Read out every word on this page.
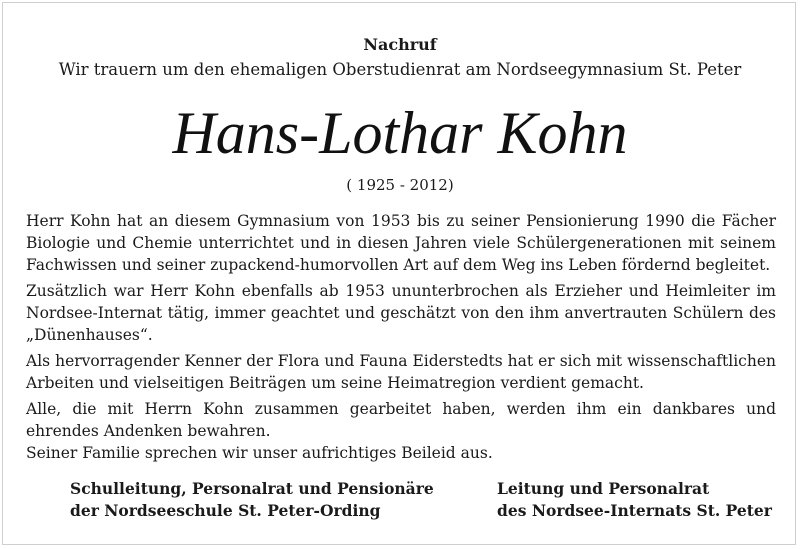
Nachruf
Wir trauern um den ehemaligen Oberstudienrat am Nordseegymnasium St. Peter
Hans-Lothar Kohn
( 1925 - 2012)

Herr Kohn hat an diesem Gymnasium von 1953 bis zu seiner Pensionierung 1990 die Fächer Biologie und Chemie unterrichtet und in diesen Jahren viele Schülergenerationen mit seinem Fachwissen und seiner zupackend-humorvollen Art auf dem Weg ins Leben fördernd begleitet.

Zusätzlich war Herr Kohn ebenfalls ab 1953 ununterbrochen als Erzieher und Heimleiter im Nordsee-Internat tätig, immer geachtet und geschätzt von den ihm anvertrauten Schülern des „Dünenhauses“.

Als hervorragender Kenner der Flora und Fauna Eiderstedts hat er sich mit wissenschaftlichen Arbeiten und vielseitigen Beiträgen um seine Heimatregion verdient gemacht.

Alle, die mit Herrn Kohn zusammen gearbeitet haben, werden ihm ein dankbares und ehrendes Andenken bewahren.

Seiner Familie sprechen wir unser aufrichtiges Beileid aus.

Schulleitung, Personalrat und Pensionäre
der Nordseeschule St. Peter-Ording
Leitung und Personalrat
des Nordsee-Internats St. Peter
